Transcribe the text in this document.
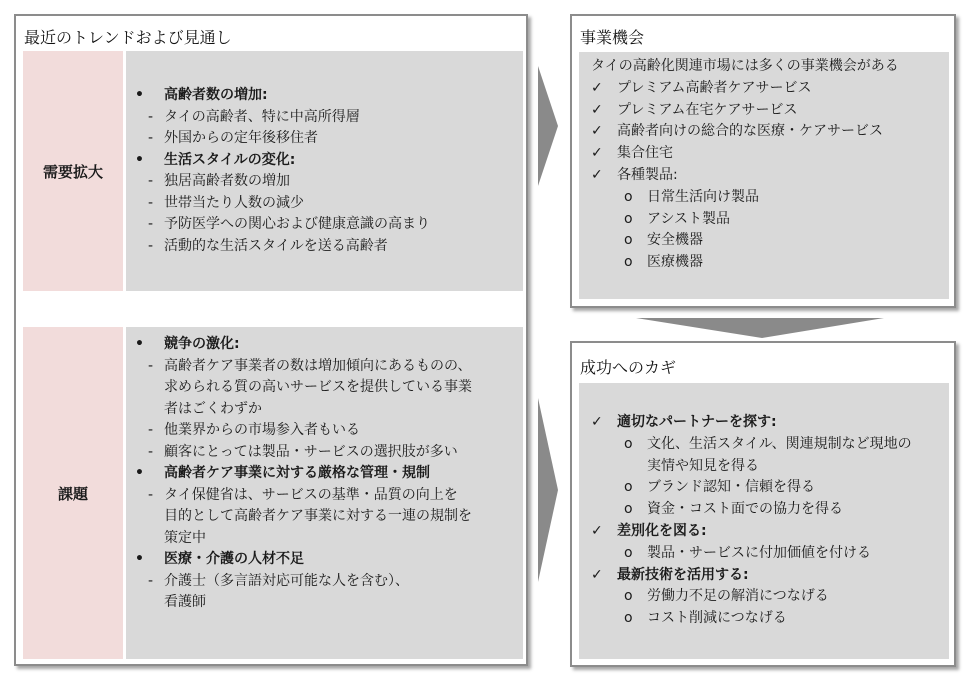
最近のトレンドおよび見通し
需要拡大
• 高齢者数の増加:
- タイの高齢者、特に中高所得層
- 外国からの定年後移住者
• 生活スタイルの変化:
- 独居高齢者数の増加
- 世帯当たり人数の減少
- 予防医学への関心および健康意識の高まり
- 活動的な生活スタイルを送る高齢者
課題
• 競争の激化:
- 高齢者ケア事業者の数は増加傾向にあるものの、
求められる質の高いサービスを提供している事業
者はごくわずか
- 他業界からの市場参入者もいる
- 顧客にとっては製品・サービスの選択肢が多い
• 高齢者ケア事業に対する厳格な管理・規制
- タイ保健省は、サービスの基準・品質の向上を
目的として高齢者ケア事業に対する一連の規制を
策定中
• 医療・介護の人材不足
- 介護士（多言語対応可能な人を含む）、
看護師
事業機会
タイの高齢化関連市場には多くの事業機会がある
✓ プレミアム高齢者ケアサービス
✓ プレミアム在宅ケアサービス
✓ 高齢者向けの総合的な医療・ケアサービス
✓ 集合住宅
✓ 各種製品:
o 日常生活向け製品
o アシスト製品
o 安全機器
o 医療機器
成功へのカギ
✓ 適切なパートナーを探す:
o 文化、生活スタイル、関連規制など現地の
実情や知見を得る
o ブランド認知・信頼を得る
o 資金・コスト面での協力を得る
✓ 差別化を図る:
o 製品・サービスに付加価値を付ける
✓ 最新技術を活用する:
o 労働力不足の解消につなげる
o コスト削減につなげる
